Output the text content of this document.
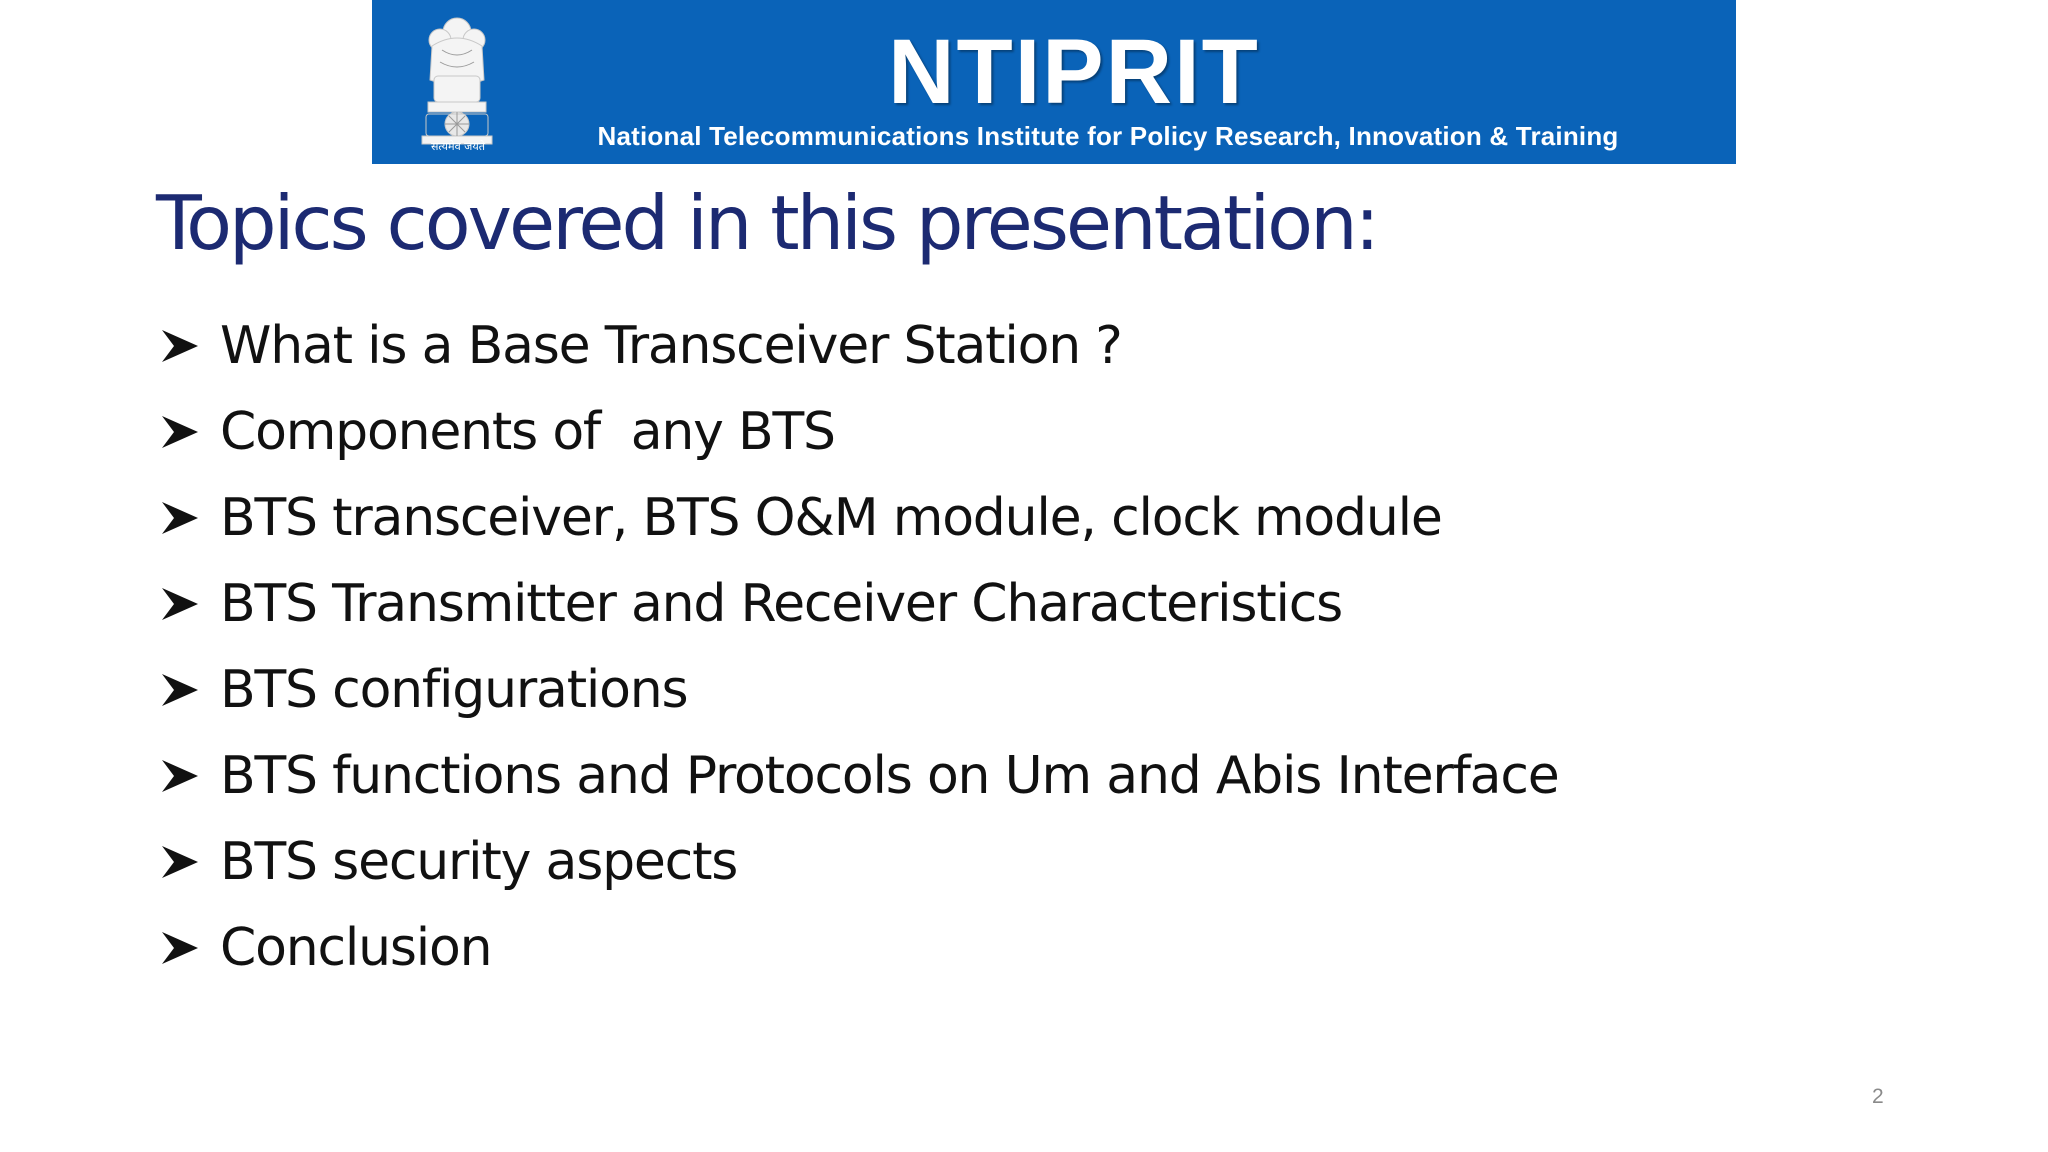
सत्यमेव जयते
NTIPRIT
National Telecommunications Institute for Policy Research, Innovation & Training
Topics covered in this presentation:
What is a Base Transceiver Station ?
Components of  any BTS
BTS transceiver, BTS O&M module, clock module
BTS Transmitter and Receiver Characteristics
BTS configurations
BTS functions and Protocols on Um and Abis Interface
BTS security aspects
Conclusion
2
